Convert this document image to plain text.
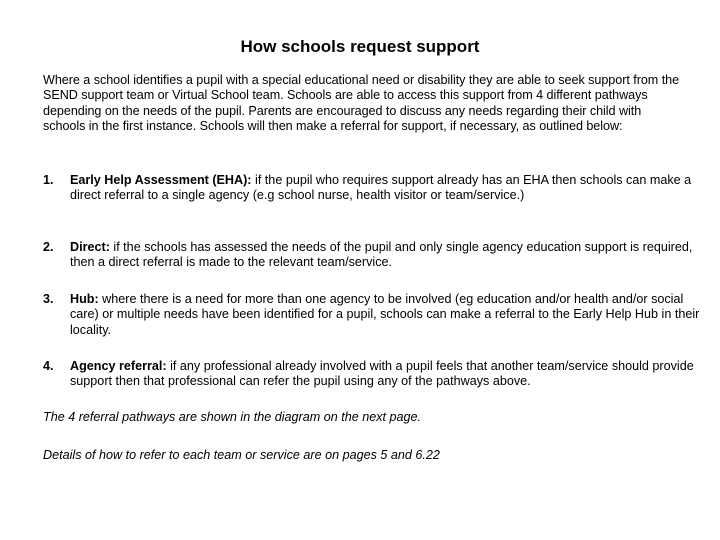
How schools request support
Where a school identifies a pupil with a special educational need or disability they are able to seek support from the SEND support team or Virtual School team. Schools are able to access this support from 4 different pathways depending on the needs of the pupil. Parents are encouraged to discuss any needs regarding their child with schools in the first instance. Schools will then make a referral for support, if necessary, as outlined below:
1. Early Help Assessment (EHA): if the pupil who requires support already has an EHA then schools can make a direct referral to a single agency (e.g school nurse, health visitor or team/service.)
2. Direct: if the schools has assessed the needs of the pupil and only single agency education support is required, then a direct referral is made to the relevant team/service.
3. Hub: where there is a need for more than one agency to be involved (eg education and/or health and/or social care) or multiple needs have been identified for a pupil, schools can make a referral to the Early Help Hub in their locality.
4. Agency referral: if any professional already involved with a pupil feels that another team/service should provide support then that professional can refer the pupil using any of the pathways above.
The 4 referral pathways are shown in the diagram on the next page.
Details of how to refer to each team or service are on pages 5 and 6.22
